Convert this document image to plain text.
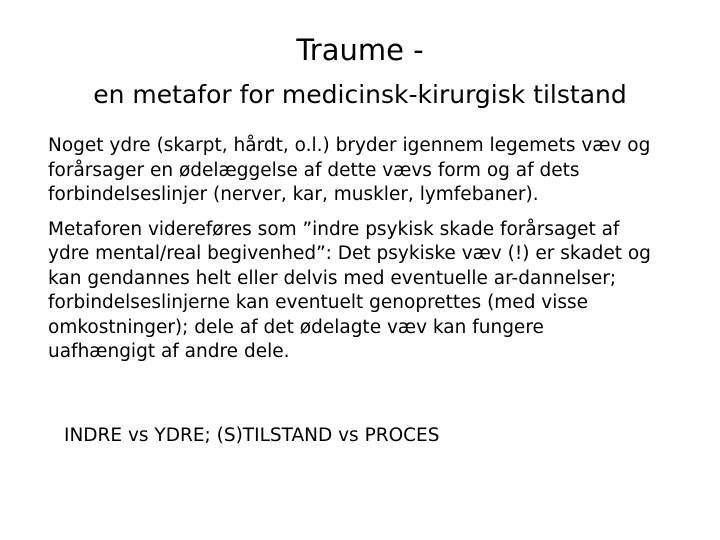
Traume -
en metafor for medicinsk-kirurgisk tilstand

Noget ydre (skarpt, hårdt, o.l.) bryder igennem legemets væv og

forårsager en ødelæggelse af dette vævs form og af dets

forbindelseslinjer (nerver, kar, muskler, lymfebaner).

Metaforen videreføres som ”indre psykisk skade forårsaget af

ydre mental/real begivenhed”: Det psykiske væv (!) er skadet og

kan gendannes helt eller delvis med eventuelle ar-dannelser;

forbindelseslinjerne kan eventuelt genoprettes (med visse

omkostninger); dele af det ødelagte væv kan fungere

uafhængigt af andre dele.

INDRE vs YDRE; (S)TILSTAND vs PROCES
